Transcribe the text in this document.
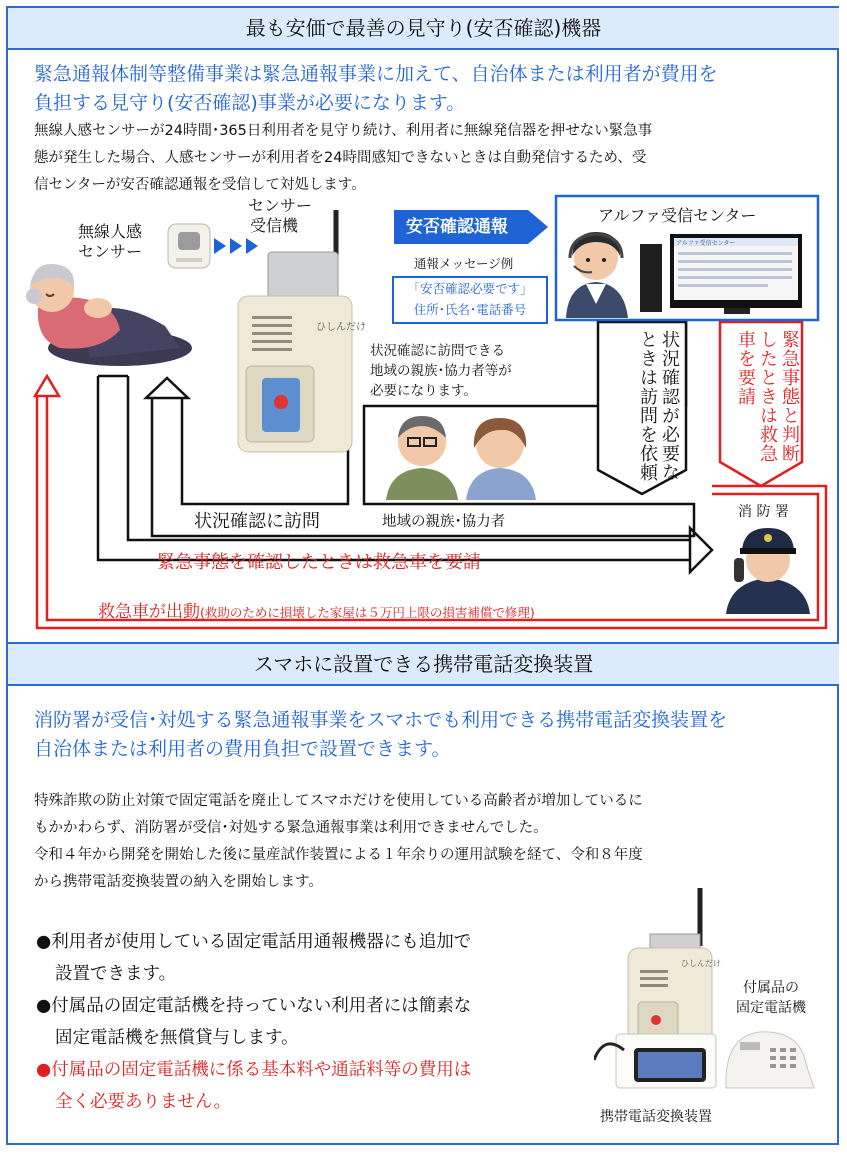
最も安価で最善の見守り(安否確認)機器
緊急通報体制等整備事業は緊急通報事業に加えて、自治体または利用者が費用を
負担する見守り(安否確認)事業が必要になります。
無線人感センサーが24時間･365日利用者を見守り続け、利用者に無線発信器を押せない緊急事
態が発生した場合、人感センサーが利用者を24時間感知できないときは自動発信するため、受
信センターが安否確認通報を受信して対処します。
無線人感
センサー
センサー
受信機
ひしんだけ
安否確認通報
通報メッセージ例
｢安否確認必要です｣
住所･氏名･電話番号
アルファ受信センター
アルファ受信センター
状況確認が必要なときは訪問を依頼	緊急事態と判断したときは救急車を要請
状況確認に訪問できる
地域の親族･協力者等が
必要になります。
状況確認に訪問	地域の親族･協力者
消 防 署
緊急事態を確認したときは救急車を要請
救急車が出動(救助のために損壊した家屋は５万円上限の損害補償で修理)
スマホに設置できる携帯電話変換装置
消防署が受信･対処する緊急通報事業をスマホでも利用できる携帯電話変換装置を
自治体または利用者の費用負担で設置できます。
特殊詐欺の防止対策で固定電話を廃止してスマホだけを使用している高齢者が増加しているに
もかかわらず、消防署が受信･対処する緊急通報事業は利用できませんでした。
令和４年から開発を開始した後に量産試作装置による１年余りの運用試験を経て、令和８年度
から携帯電話変換装置の納入を開始します。
●利用者が使用している固定電話用通報機器にも追加で
設置できます。
●付属品の固定電話機を持っていない利用者には簡素な
固定電話機を無償貸与します。
●付属品の固定電話機に係る基本料や通話料等の費用は
全く必要ありません。
ひしんだけ
付属品の
固定電話機
携帯電話変換装置
